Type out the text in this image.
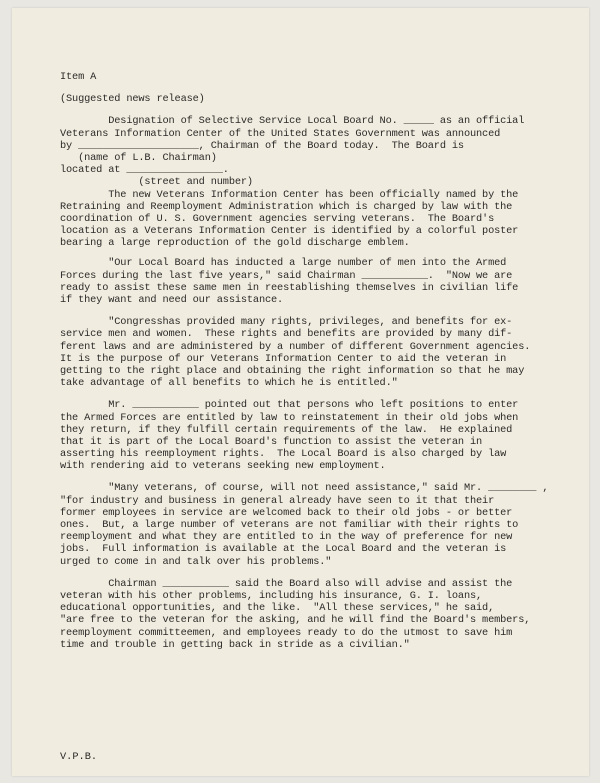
Item A
(Suggested news release)
Designation of Selective Service Local Board No. _____ as an official
Veterans Information Center of the United States Government was announced
by ____________________, Chairman of the Board today.  The Board is
(name of L.B. Chairman)
located at ________________.
(street and number)
The new Veterans Information Center has been officially named by the
Retraining and Reemployment Administration which is charged by law with the
coordination of U. S. Government agencies serving veterans.  The Board's
location as a Veterans Information Center is identified by a colorful poster
bearing a large reproduction of the gold discharge emblem.
"Our Local Board has inducted a large number of men into the Armed
Forces during the last five years," said Chairman ___________.  "Now we are
ready to assist these same men in reestablishing themselves in civilian life
if they want and need our assistance.
"Congresshas provided many rights, privileges, and benefits for ex-
service men and women.  These rights and benefits are provided by many dif-
ferent laws and are administered by a number of different Government agencies.
It is the purpose of our Veterans Information Center to aid the veteran in
getting to the right place and obtaining the right information so that he may
take advantage of all benefits to which he is entitled."
Mr. ___________ pointed out that persons who left positions to enter
the Armed Forces are entitled by law to reinstatement in their old jobs when
they return, if they fulfill certain requirements of the law.  He explained
that it is part of the Local Board's function to assist the veteran in
asserting his reemployment rights.  The Local Board is also charged by law
with rendering aid to veterans seeking new employment.
"Many veterans, of course, will not need assistance," said Mr. ________ ,
"for industry and business in general already have seen to it that their
former employees in service are welcomed back to their old jobs - or better
ones.  But, a large number of veterans are not familiar with their rights to
reemployment and what they are entitled to in the way of preference for new
jobs.  Full information is available at the Local Board and the veteran is
urged to come in and talk over his problems."
Chairman ___________ said the Board also will advise and assist the
veteran with his other problems, including his insurance, G. I. loans,
educational opportunities, and the like.  "All these services," he said,
"are free to the veteran for the asking, and he will find the Board's members,
reemployment committeemen, and employees ready to do the utmost to save him
time and trouble in getting back in stride as a civilian."
V.P.B.
